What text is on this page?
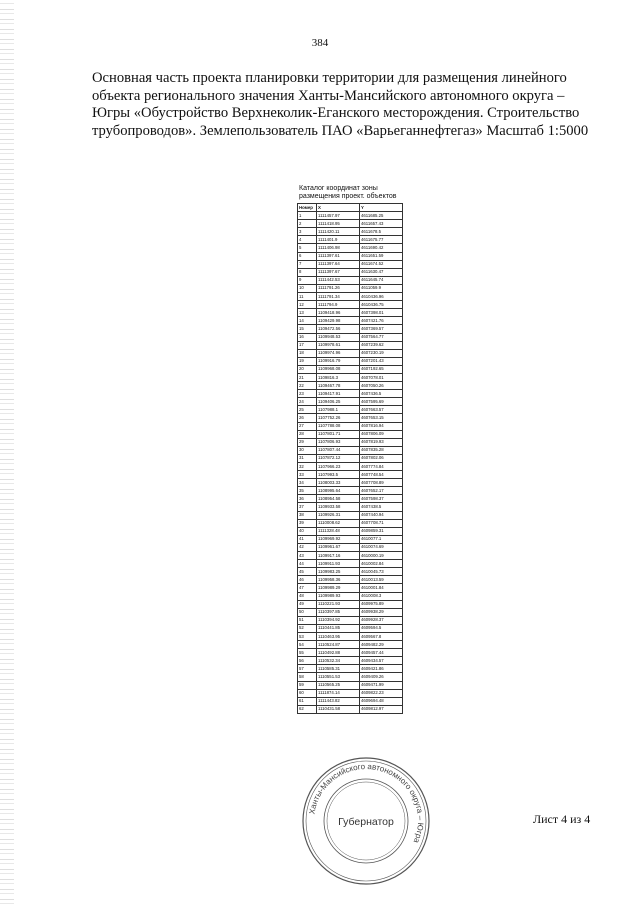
384
Основная часть проекта планировки территории для размещения линейного объекта регионального значения Ханты-Мансийского автономного округа – Югры «Обустройство Верхнеколик-Еганского месторождения. Строительство трубопроводов». Землепользователь ПАО «Варьеганнефтегаз» Масштаб 1:5000
Каталог координат зоны
размещения проект. объектов
Номер	X	Y
1	1111457.97	4611685.25
2	1111418.95	4611657.43
3	1111420.11	4611678.5
4	1111401.9	4611675.77
5	1111406.98	4611690.42
6	1111397.61	4611651.59
7	1111397.64	4611674.52
8	1111397.67	4611630.47
9	1111442.53	4611645.74
10	1111791.26	4611059.9
11	1111791.34	4610436.96
12	1111794.9	4610436.75
13	1109418.96	4607398.01
14	1109429.98	4607421.76
15	1109472.56	4607369.57
16	1109948.53	4607564.77
17	1109978.61	4607239.62
18	1109974.96	4607230.19
19	1109916.79	4607201.43
20	1109968.08	4607192.65
21	1109816.3	4607078.01
22	1109467.78	4607050.26
23	1109417.91	4607436.5
24	1109406.25	4607595.69
25	1107988.1	4607663.57
26	1107752.26	4607653.15
27	1107788.08	4607816.94
28	1107801.71	4607806.09
29	1107806.93	4607819.93
30	1107807.44	4607835.28
31	1107872.12	4607802.06
32	1107966.23	4607774.84
33	1107993.5	4607748.54
34	1108003.33	4607708.89
35	1108995.64	4607652.17
36	1108954.58	4607598.37
37	1109933.58	4607438.5
38	1109926.31	4607440.94
39	1110008.62	4607708.71
40	1111328.48	4609859.31
41	1109969.92	4610077.1
42	1109961.67	4610074.69
43	1109917.16	4610000.19
44	1109911.93	4610002.84
45	1109983.25	4610045.73
46	1109958.36	4610013.59
47	1109989.29	4610001.84
48	1109989.93	4610008.3
49	1110221.93	4609975.89
50	1110397.85	4609938.29
51	1110394.92	4609928.37
52	1110441.85	4609594.5
53	1110463.95	4609567.8
54	1110524.87	4609482.29
55	1110492.88	4609457.44
56	1110532.34	4609434.57
57	1110585.31	4609421.86
58	1110551.53	4609409.26
59	1110565.25	4609471.99
60	1111874.14	4609822.23
61	1111443.82	4609694.48
62	1110431.58	4609812.97
Ханты-Мансийского автономного округа – Югра
Губернатор	Лист 4 из 4
